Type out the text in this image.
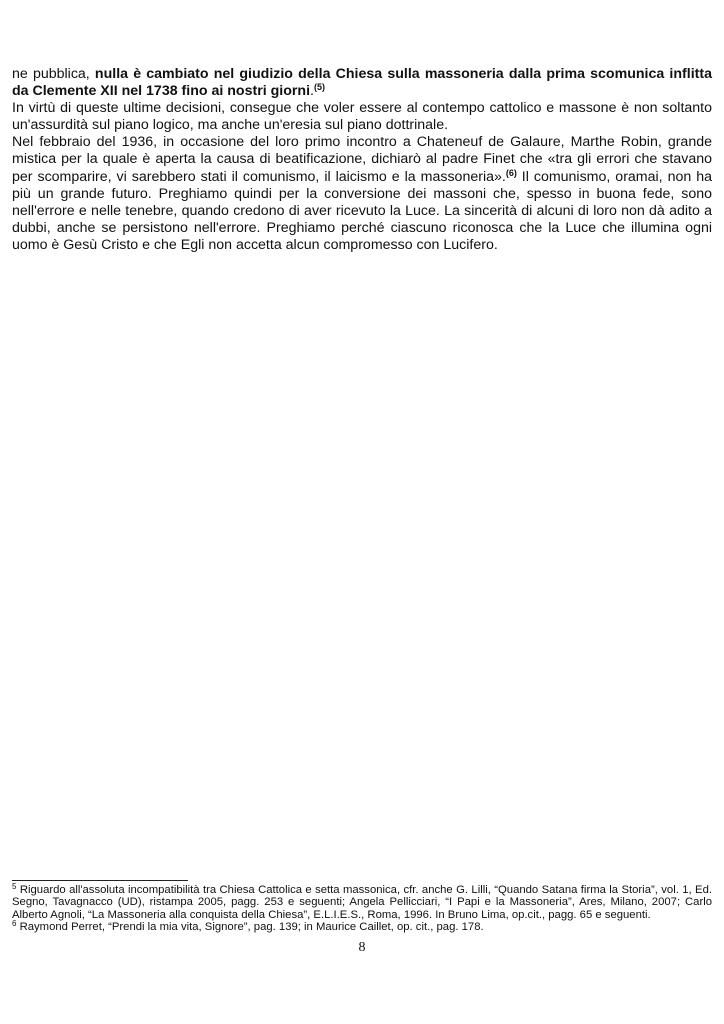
ne pubblica, nulla è cambiato nel giudizio della Chiesa sulla massoneria dalla prima scomunica inflitta da Clemente XII nel 1738 fino ai nostri giorni.$^{(5)}$

In virtù di queste ultime decisioni, consegue che voler essere al contempo cattolico e massone è non soltanto un'assurdità sul piano logico, ma anche un'eresia sul piano dottrinale.

Nel febbraio del 1936, in occasione del loro primo incontro a Chateneuf de Galaure, Marthe Robin, grande mistica per la quale è aperta la causa di beatificazione, dichiarò al padre Finet che «tra gli errori che stavano per scomparire, vi sarebbero stati il comunismo, il laicismo e la massoneria».$^{(6)}$ Il comunismo, oramai, non ha più un grande futuro. Preghiamo quindi per la conversione dei massoni che, spesso in buona fede, sono nell'errore e nelle tenebre, quando credono di aver ricevuto la Luce. La sincerità di alcuni di loro non dà adito a dubbi, anche se persistono nell'errore. Preghiamo perché ciascuno riconosca che la Luce che illumina ogni uomo è Gesù Cristo e che Egli non accetta alcun compromesso con Lucifero.

$^5$ Riguardo all'assoluta incompatibilità tra Chiesa Cattolica e setta massonica, cfr. anche G. Lilli, “Quando Satana firma la Storia”, vol. 1, Ed. Segno, Tavagnacco (UD), ristampa 2005, pagg. 253 e seguenti; Angela Pellicciari, “I Papi e la Massoneria”, Ares, Milano, 2007; Carlo Alberto Agnoli, “La Massoneria alla conquista della Chiesa”, E.L.I.E.S., Roma, 1996. In Bruno Lima, op.cit., pagg. 65 e seguenti.

$^6$ Raymond Perret, “Prendi la mia vita, Signore”, pag. 139; in Maurice Caillet, op. cit., pag. 178.

8
